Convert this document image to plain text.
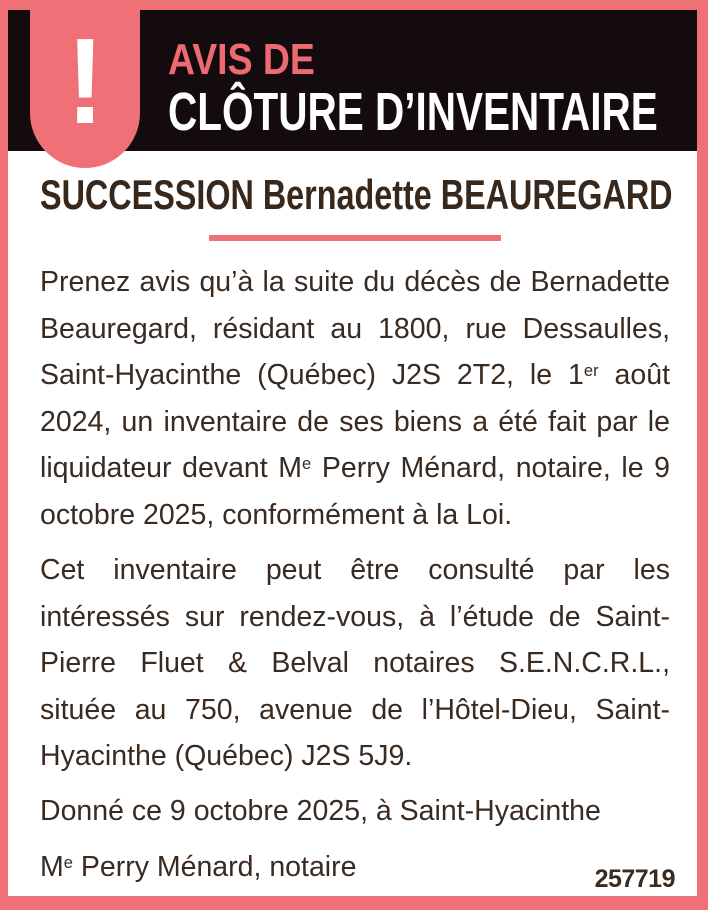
! AVIS DE
CLÔTURE D’INVENTAIRE
SUCCESSION Bernadette BEAUREGARD

Prenez avis qu’à la suite du décès de Bernadette Beauregard, résidant au 1800, rue Dessaulles, Saint-Hyacinthe (Québec) J2S 2T2, le 1er août 2024, un inventaire de ses biens a été fait par le liquidateur devant Me Perry Ménard, notaire, le 9 octobre 2025, conformément à la Loi.

Cet inventaire peut être consulté par les intéressés sur rendez-vous, à l’étude de Saint-Pierre Fluet & Belval notaires S.E.N.C.R.L., située au 750, avenue de l’Hôtel-Dieu, Saint-Hyacinthe (Québec) J2S 5J9.

Donné ce 9 octobre 2025, à Saint-Hyacinthe

Me Perry Ménard, notaire	257719
